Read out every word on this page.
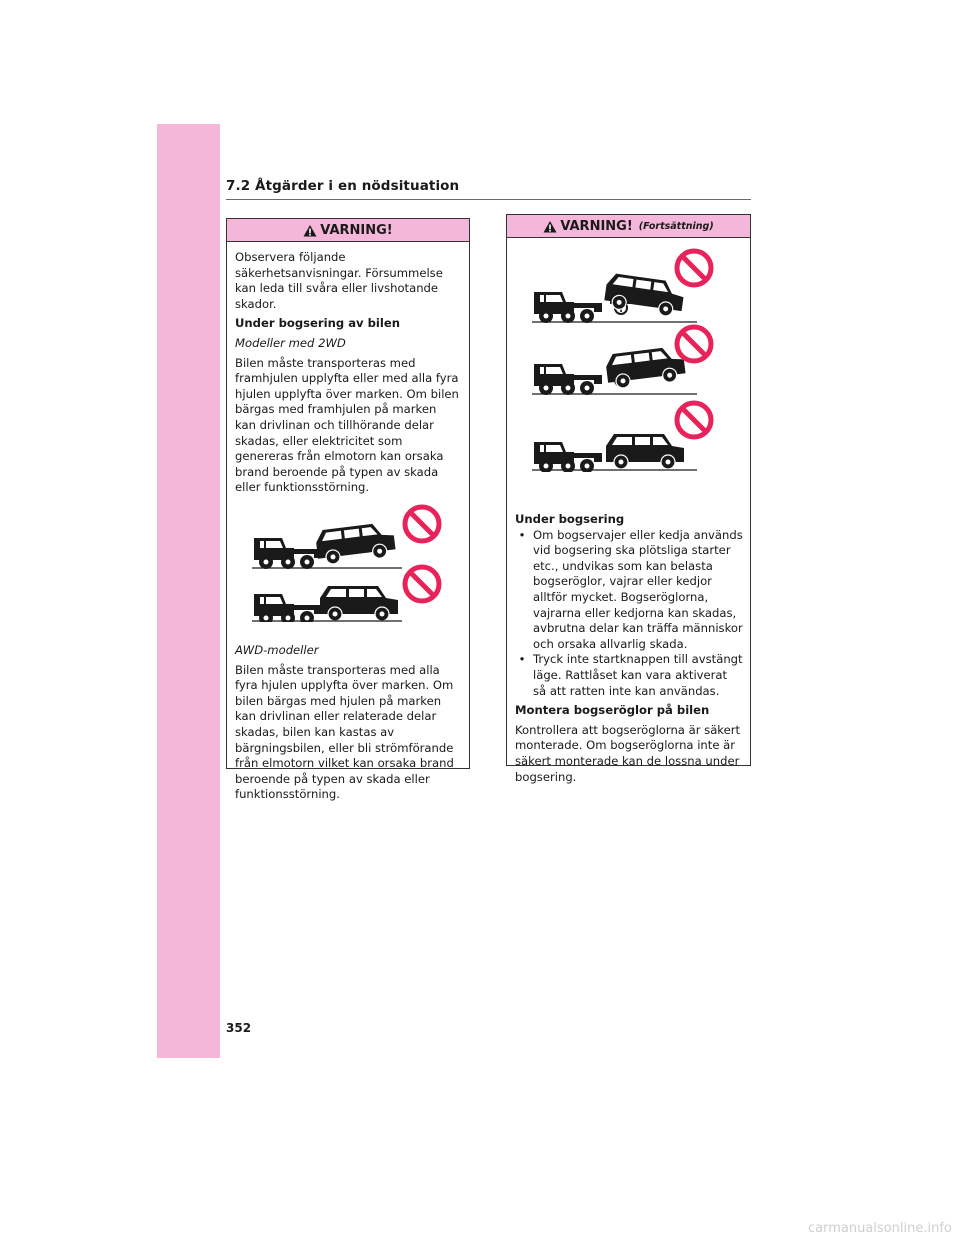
7.2 Åtgärder i en nödsituation
VARNING!

Observera följande säkerhetsanvisningar. Försummelse kan leda till svåra eller livshotande skador.

Under bogsering av bilen

Modeller med 2WD

Bilen måste transporteras med framhjulen upplyfta eller med alla fyra hjulen upplyfta över marken. Om bilen bärgas med framhjulen på marken kan drivlinan och tillhörande delar skadas, eller elektricitet som genereras från elmotorn kan orsaka brand beroende på typen av skada eller funktionsstörning.

AWD-modeller

Bilen måste transporteras med alla fyra hjulen upplyfta över marken. Om bilen bärgas med hjulen på marken kan drivlinan eller relaterade delar skadas, bilen kan kastas av bärgningsbilen, eller bli strömförande från elmotorn vilket kan orsaka brand beroende på typen av skada eller funktionsstörning.

VARNING! (Fortsättning)

Under bogsering

• Om bogservajer eller kedja används vid bogsering ska plötsliga starter etc., undvikas som kan belasta bogseröglor, vajrar eller kedjor alltför mycket. Bogseröglorna, vajrarna eller kedjorna kan skadas, avbrutna delar kan träffa människor och orsaka allvarlig skada.
• Tryck inte startknappen till avstängt läge. Rattlåset kan vara aktiverat så att ratten inte kan användas.

Montera bogseröglor på bilen

Kontrollera att bogseröglorna är säkert monterade. Om bogseröglorna inte är säkert monterade kan de lossna under bogsering.

352
carmanualsonline.info
